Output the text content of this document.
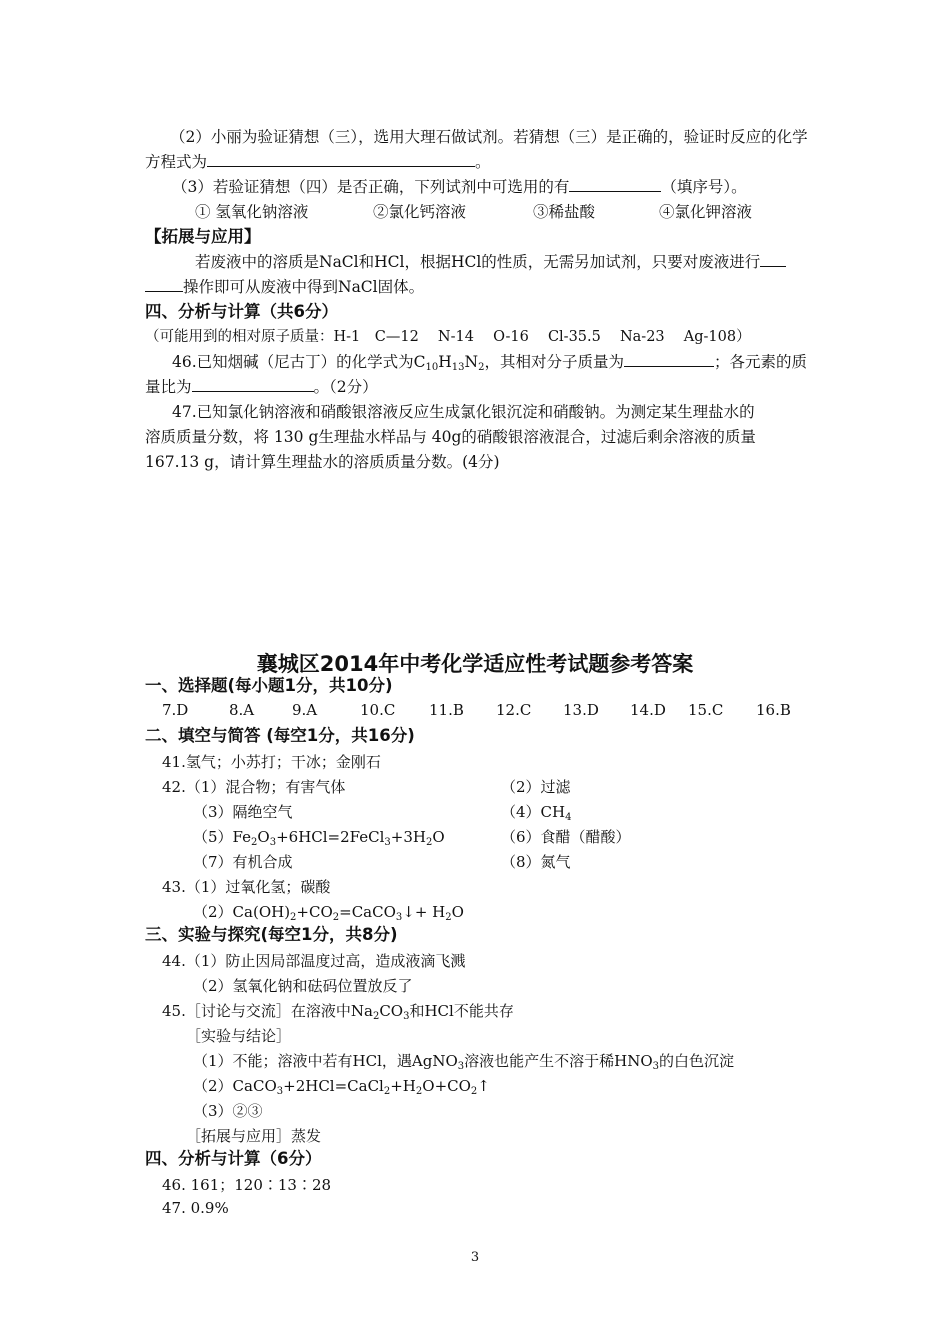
（2）小丽为验证猜想（三），选用大理石做试剂。若猜想（三）是正确的，验证时反应的化学
方程式为	。
（3）若验证猜想（四）是否正确，下列试剂中可选用的有	（填序号）。
① 氢氧化钠溶液	②氯化钙溶液	③稀盐酸	④氯化钾溶液
【拓展与应用】
若废液中的溶质是NaCl和HCl，根据HCl的性质，无需另加试剂，只要对废液进行
操作即可从废液中得到NaCl固体。
四、分析与计算（共6分）
（可能用到的相对原子质量：H-1　C—12　 N-14　 O-16　 Cl-35.5　 Na-23　 Ag-108）
46.已知烟碱（尼古丁）的化学式为$C_{10}H_{13}N_2$，其相对分子质量为	；各元素的质
量比为	。（2分）
47.已知氯化钠溶液和硝酸银溶液反应生成氯化银沉淀和硝酸钠。为测定某生理盐水的
溶质质量分数，将 130 g生理盐水样品与 40g的硝酸银溶液混合，过滤后剩余溶液的质量
167.13 g，请计算生理盐水的溶质质量分数。(4分)
襄城区2014年中考化学适应性考试题参考答案
一、选择题(每小题1分，共10分)
7.D	8.A	9.A	10.C 11.B 12.C 13.D 14.D 15.C 16.B
二、填空与简答 (每空1分，共16分)
41.氢气；小苏打；干冰；金刚石
42.（1）混合物；有害气体	（2）过滤
（3）隔绝空气	$(4)CH_4$
$(5)Fe_2O_3+6HCl=2FeCl_3+3H_2O$	（6）食醋（醋酸）
（7）有机合成	（8）氮气
43.（1）过氧化氢；碳酸
$(2)Ca(OH)_2+CO_2=CaCO_3↓+ H_2O$
三、实验与探究(每空1分，共8分)
44.（1）防止因局部温度过高，造成液滴飞溅
（2）氢氧化钠和砝码位置放反了
45.［讨论与交流］在溶液中$Na_2CO_3$和HCl不能共存
［实验与结论］
（1）不能；溶液中若有HCl，遇AgNO$_3$溶液也能产生不溶于稀$HNO_3$的白色沉淀
$(2)CaCO_3+2HCl=CaCl_2+H_2O+CO_2↑$
（3）②③
［拓展与应用］蒸发
四、分析与计算（6分）
46. 161；120∶13∶28
47. 0.9%
3
